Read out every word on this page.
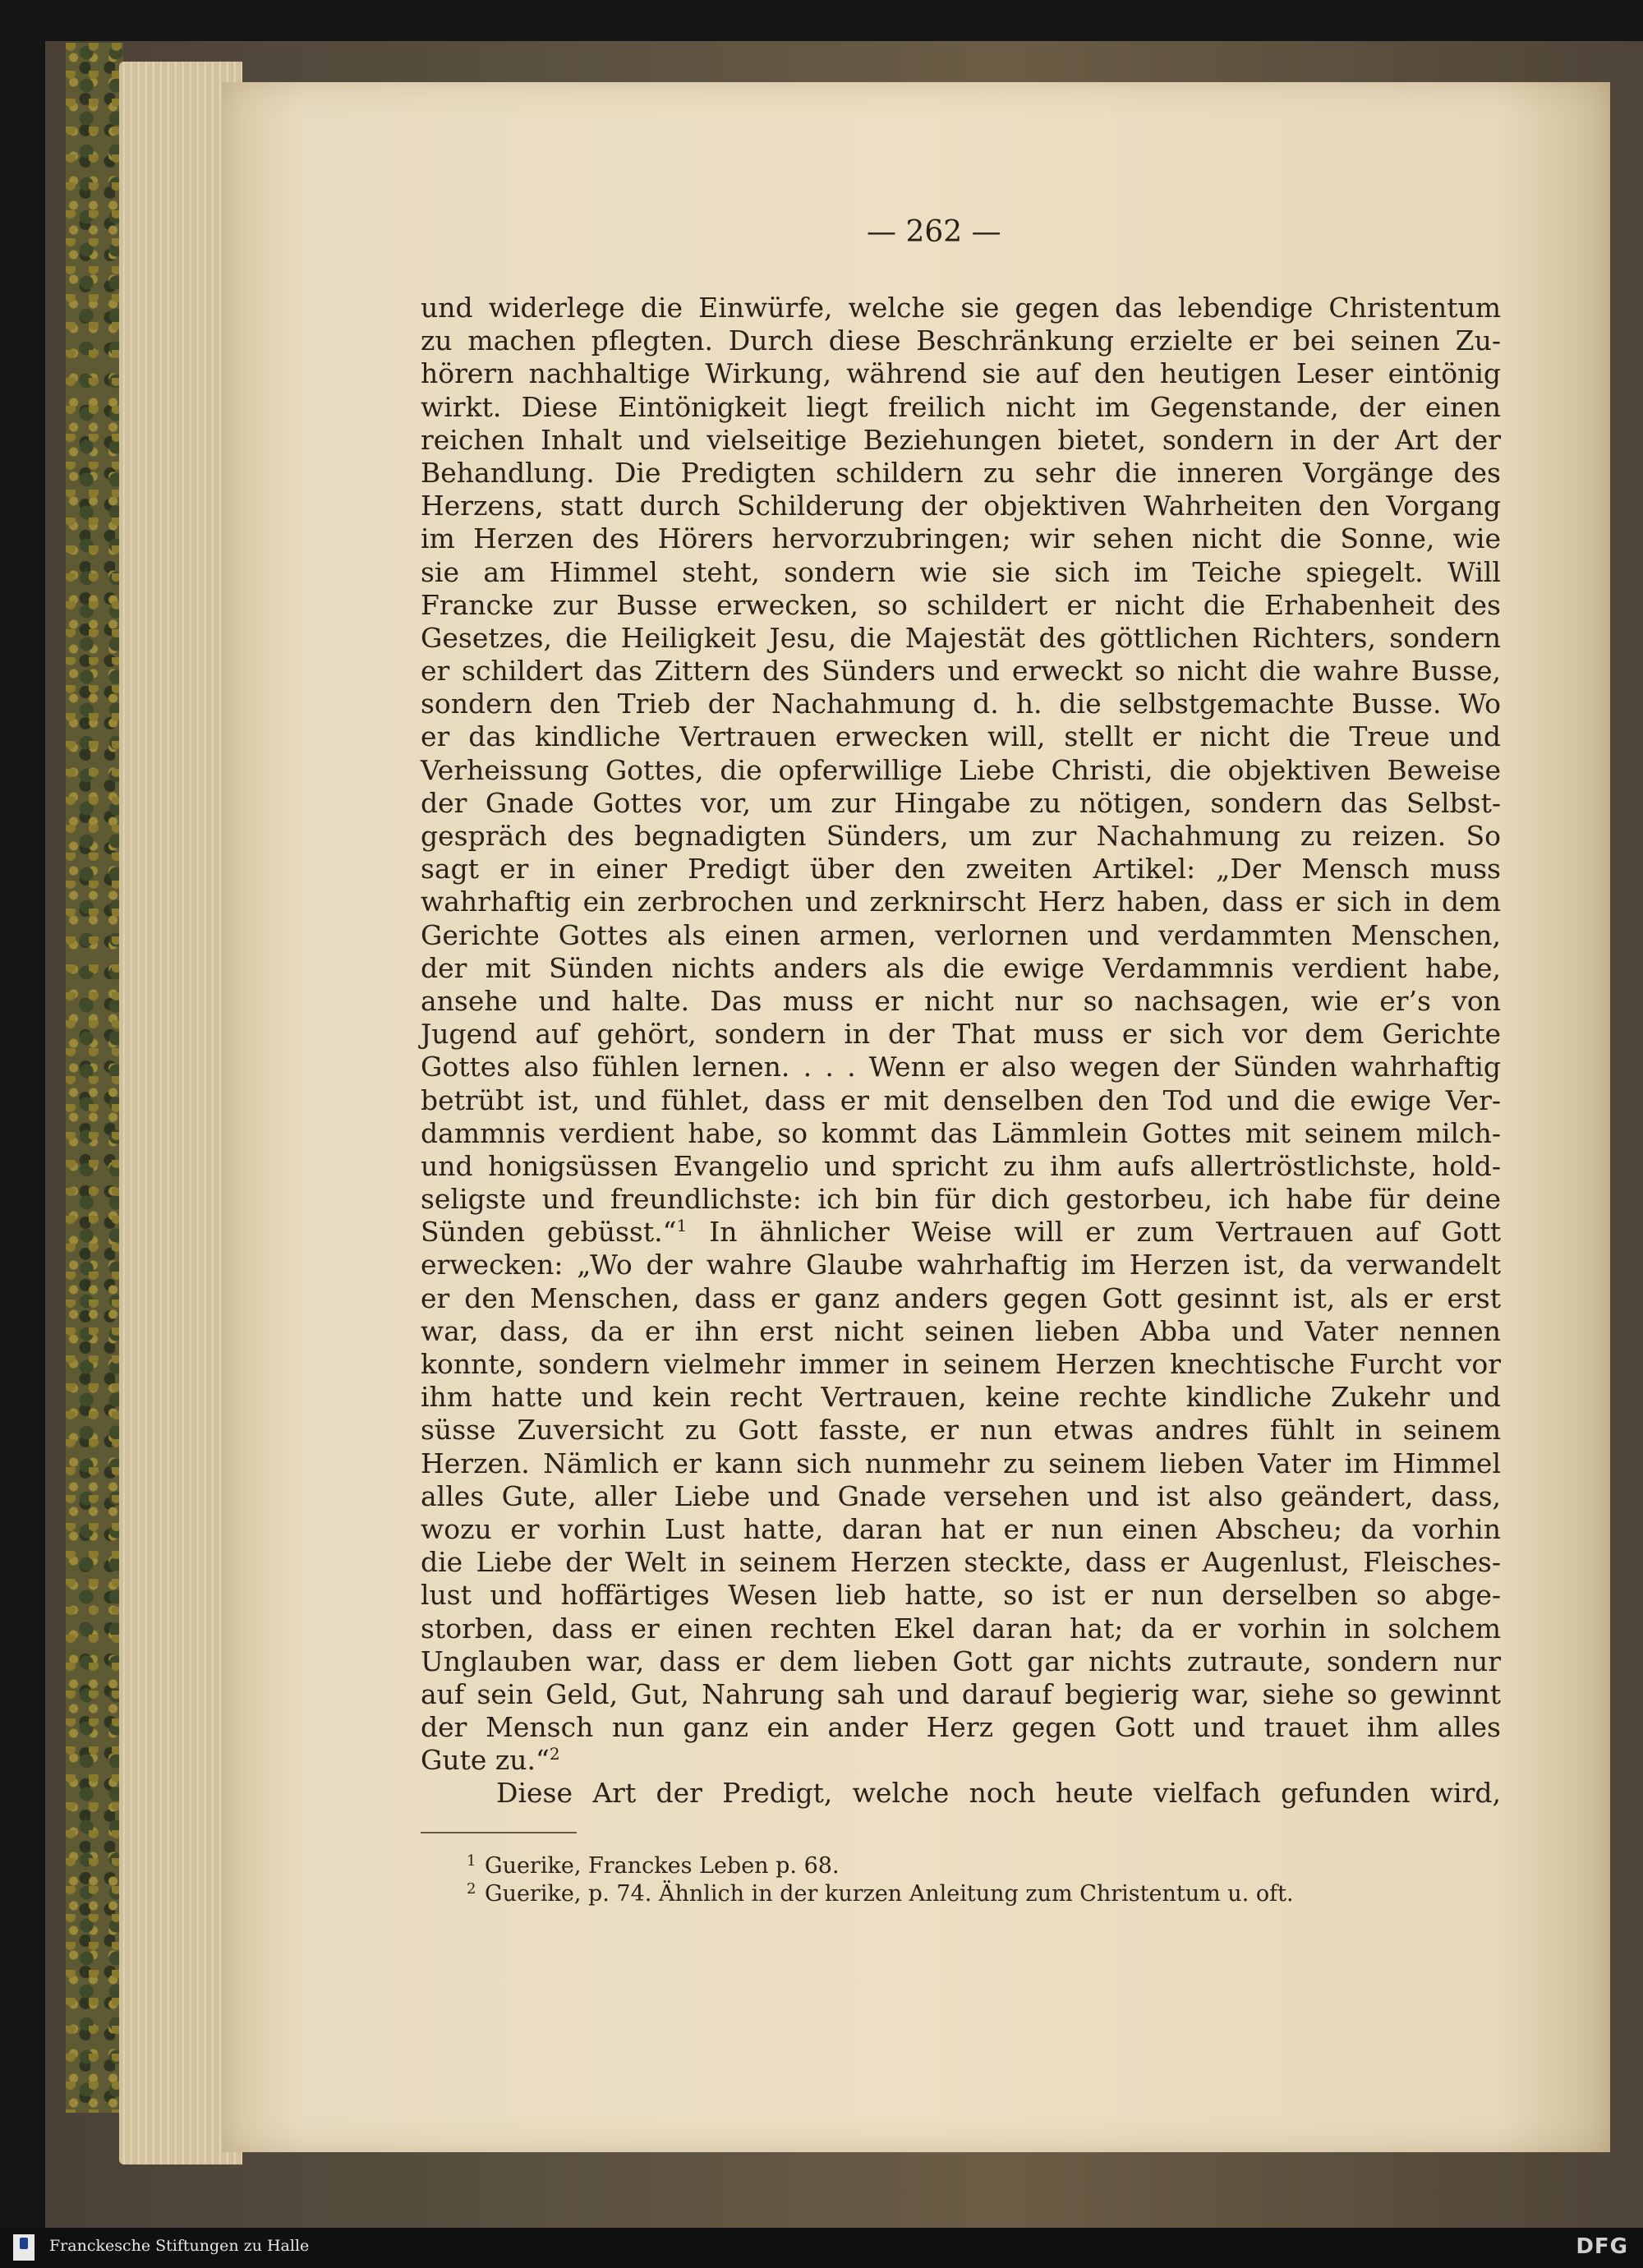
— 262 —
und widerlege die Einwürfe, welche sie gegen das lebendige Christentum
zu machen pflegten. Durch diese Beschränkung erzielte er bei seinen Zu-
hörern nachhaltige Wirkung, während sie auf den heutigen Leser eintönig
wirkt. Diese Eintönigkeit liegt freilich nicht im Gegenstande, der einen
reichen Inhalt und vielseitige Beziehungen bietet, sondern in der Art der
Behandlung. Die Predigten schildern zu sehr die inneren Vorgänge des
Herzens, statt durch Schilderung der objektiven Wahrheiten den Vorgang
im Herzen des Hörers hervorzubringen; wir sehen nicht die Sonne, wie
sie am Himmel steht, sondern wie sie sich im Teiche spiegelt. Will
Francke zur Busse erwecken, so schildert er nicht die Erhabenheit des
Gesetzes, die Heiligkeit Jesu, die Majestät des göttlichen Richters, sondern
er schildert das Zittern des Sünders und erweckt so nicht die wahre Busse,
sondern den Trieb der Nachahmung d. h. die selbstgemachte Busse. Wo
er das kindliche Vertrauen erwecken will, stellt er nicht die Treue und
Verheissung Gottes, die opferwillige Liebe Christi, die objektiven Beweise
der Gnade Gottes vor, um zur Hingabe zu nötigen, sondern das Selbst-
gespräch des begnadigten Sünders, um zur Nachahmung zu reizen. So
sagt er in einer Predigt über den zweiten Artikel: „Der Mensch muss
wahrhaftig ein zerbrochen und zerknirscht Herz haben, dass er sich in dem
Gerichte Gottes als einen armen, verlornen und verdammten Menschen,
der mit Sünden nichts anders als die ewige Verdammnis verdient habe,
ansehe und halte. Das muss er nicht nur so nachsagen, wie er’s von
Jugend auf gehört, sondern in der That muss er sich vor dem Gerichte
Gottes also fühlen lernen. . . . Wenn er also wegen der Sünden wahrhaftig
betrübt ist, und fühlet, dass er mit denselben den Tod und die ewige Ver-
dammnis verdient habe, so kommt das Lämmlein Gottes mit seinem milch-
und honigsüssen Evangelio und spricht zu ihm aufs allertröstlichste, hold-
seligste und freundlichste: ich bin für dich gestorbeu, ich habe für deine
Sünden gebüsst.“$^1$ In ähnlicher Weise will er zum Vertrauen auf Gott
erwecken: „Wo der wahre Glaube wahrhaftig im Herzen ist, da verwandelt
er den Menschen, dass er ganz anders gegen Gott gesinnt ist, als er erst
war, dass, da er ihn erst nicht seinen lieben Abba und Vater nennen
konnte, sondern vielmehr immer in seinem Herzen knechtische Furcht vor
ihm hatte und kein recht Vertrauen, keine rechte kindliche Zukehr und
süsse Zuversicht zu Gott fasste, er nun etwas andres fühlt in seinem
Herzen. Nämlich er kann sich nunmehr zu seinem lieben Vater im Himmel
alles Gute, aller Liebe und Gnade versehen und ist also geändert, dass,
wozu er vorhin Lust hatte, daran hat er nun einen Abscheu; da vorhin
die Liebe der Welt in seinem Herzen steckte, dass er Augenlust, Fleisches-
lust und hoffärtiges Wesen lieb hatte, so ist er nun derselben so abge-
storben, dass er einen rechten Ekel daran hat; da er vorhin in solchem
Unglauben war, dass er dem lieben Gott gar nichts zutraute, sondern nur
auf sein Geld, Gut, Nahrung sah und darauf begierig war, siehe so gewinnt
der Mensch nun ganz ein ander Herz gegen Gott und trauet ihm alles
Gute zu.“$^2$
Diese Art der Predigt, welche noch heute vielfach gefunden wird,
1 Guerike, Franckes Leben p. 68.
2 Guerike, p. 74. Ähnlich in der kurzen Anleitung zum Christentum u. oft.
Franckesche Stiftungen zu Halle	DFG
